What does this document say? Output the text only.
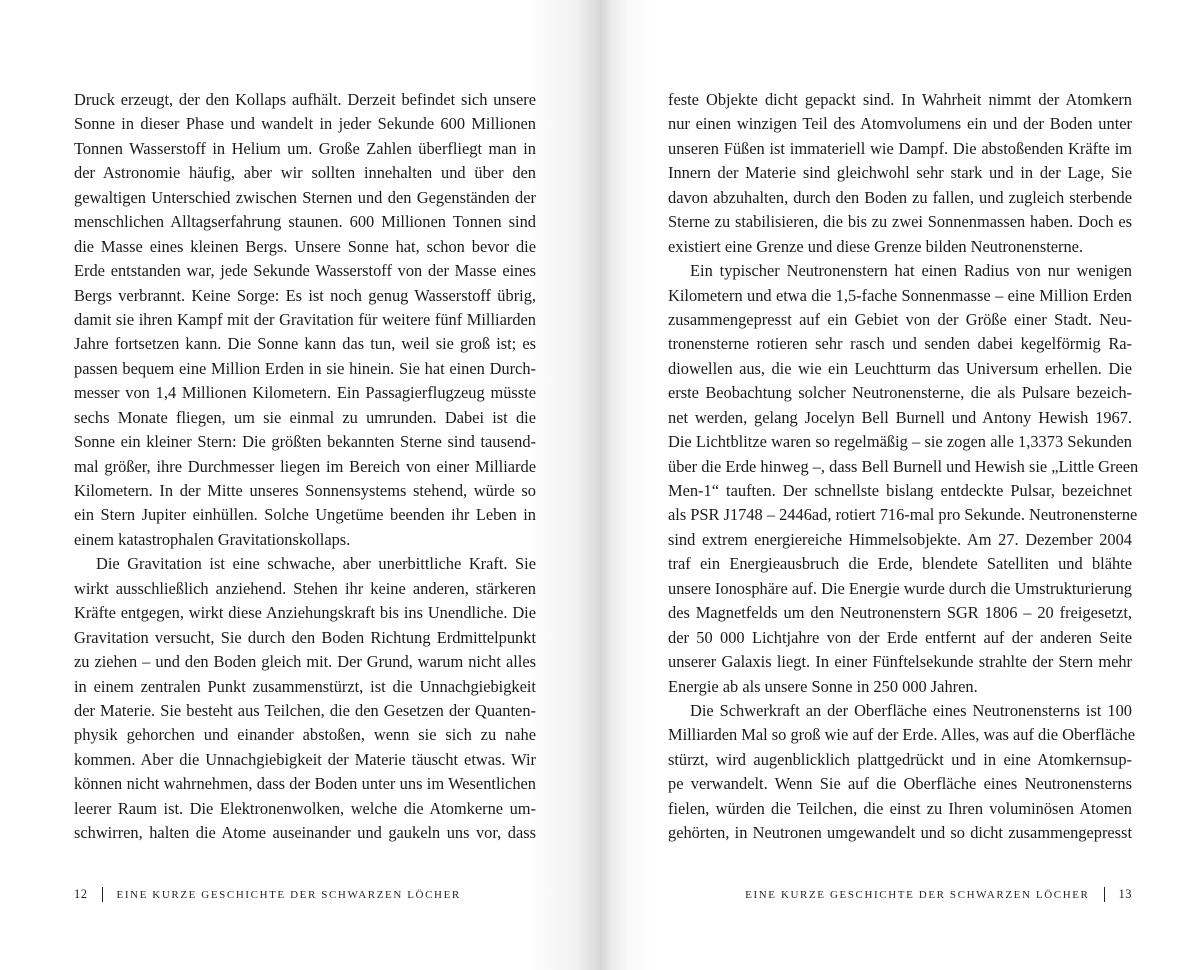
Druck erzeugt, der den Kollaps aufhält. Derzeit befindet sich unsere
Sonne in dieser Phase und wandelt in jeder Sekunde 600 Millionen
Tonnen Wasserstoff in Helium um. Große Zahlen überfliegt man in
der Astronomie häufig, aber wir sollten innehalten und über den
gewaltigen Unterschied zwischen Sternen und den Gegenständen der
menschlichen Alltagserfahrung staunen. 600 Millionen Tonnen sind
die Masse eines kleinen Bergs. Unsere Sonne hat, schon bevor die
Erde entstanden war, jede Sekunde Wasserstoff von der Masse eines
Bergs verbrannt. Keine Sorge: Es ist noch genug Wasserstoff übrig,
damit sie ihren Kampf mit der Gravitation für weitere fünf Milliarden
Jahre fortsetzen kann. Die Sonne kann das tun, weil sie groß ist; es
passen bequem eine Million Erden in sie hinein. Sie hat einen Durch-
messer von 1,4 Millionen Kilometern. Ein Passagierflugzeug müsste
sechs Monate fliegen, um sie einmal zu umrunden. Dabei ist die
Sonne ein kleiner Stern: Die größten bekannten Sterne sind tausend-
mal größer, ihre Durchmesser liegen im Bereich von einer Milliarde
Kilometern. In der Mitte unseres Sonnensystems stehend, würde so
ein Stern Jupiter einhüllen. Solche Ungetüme beenden ihr Leben in
einem katastrophalen Gravitationskollaps.
Die Gravitation ist eine schwache, aber unerbittliche Kraft. Sie
wirkt ausschließlich anziehend. Stehen ihr keine anderen, stärkeren
Kräfte entgegen, wirkt diese Anziehungskraft bis ins Unendliche. Die
Gravitation versucht, Sie durch den Boden Richtung Erdmittelpunkt
zu ziehen – und den Boden gleich mit. Der Grund, warum nicht alles
in einem zentralen Punkt zusammenstürzt, ist die Unnachgiebigkeit
der Materie. Sie besteht aus Teilchen, die den Gesetzen der Quanten-
physik gehorchen und einander abstoßen, wenn sie sich zu nahe
kommen. Aber die Unnachgiebigkeit der Materie täuscht etwas. Wir
können nicht wahrnehmen, dass der Boden unter uns im Wesentlichen
leerer Raum ist. Die Elektronenwolken, welche die Atomkerne um-
schwirren, halten die Atome auseinander und gaukeln uns vor, dass
12	EINE KURZE GESCHICHTE DER SCHWARZEN LÖCHER
feste Objekte dicht gepackt sind. In Wahrheit nimmt der Atomkern
nur einen winzigen Teil des Atomvolumens ein und der Boden unter
unseren Füßen ist immateriell wie Dampf. Die abstoßenden Kräfte im
Innern der Materie sind gleichwohl sehr stark und in der Lage, Sie
davon abzuhalten, durch den Boden zu fallen, und zugleich sterbende
Sterne zu stabilisieren, die bis zu zwei Sonnenmassen haben. Doch es
existiert eine Grenze und diese Grenze bilden Neutronensterne.
Ein typischer Neutronenstern hat einen Radius von nur wenigen
Kilometern und etwa die 1,5-fache Sonnenmasse – eine Million Erden
zusammengepresst auf ein Gebiet von der Größe einer Stadt. Neu-
tronensterne rotieren sehr rasch und senden dabei kegelförmig Ra-
diowellen aus, die wie ein Leuchtturm das Universum erhellen. Die
erste Beobachtung solcher Neutronensterne, die als Pulsare bezeich-
net werden, gelang Jocelyn Bell Burnell und Antony Hewish 1967.
Die Lichtblitze waren so regelmäßig – sie zogen alle 1,3373 Sekunden
über die Erde hinweg –, dass Bell Burnell und Hewish sie „Little Green
Men-1“ tauften. Der schnellste bislang entdeckte Pulsar, bezeichnet
als PSR J1748 – 2446ad, rotiert 716-mal pro Sekunde. Neutronensterne
sind extrem energiereiche Himmelsobjekte. Am 27. Dezember 2004
traf ein Energieausbruch die Erde, blendete Satelliten und blähte
unsere Ionosphäre auf. Die Energie wurde durch die Umstrukturierung
des Magnetfelds um den Neutronenstern SGR 1806 – 20 freigesetzt,
der 50 000 Lichtjahre von der Erde entfernt auf der anderen Seite
unserer Galaxis liegt. In einer Fünftelsekunde strahlte der Stern mehr
Energie ab als unsere Sonne in 250 000 Jahren.
Die Schwerkraft an der Oberfläche eines Neutronensterns ist 100
Milliarden Mal so groß wie auf der Erde. Alles, was auf die Oberfläche
stürzt, wird augenblicklich plattgedrückt und in eine Atomkernsup-
pe verwandelt. Wenn Sie auf die Oberfläche eines Neutronensterns
fielen, würden die Teilchen, die einst zu Ihren voluminösen Atomen
gehörten, in Neutronen umgewandelt und so dicht zusammengepresst
EINE KURZE GESCHICHTE DER SCHWARZEN LÖCHER 13
